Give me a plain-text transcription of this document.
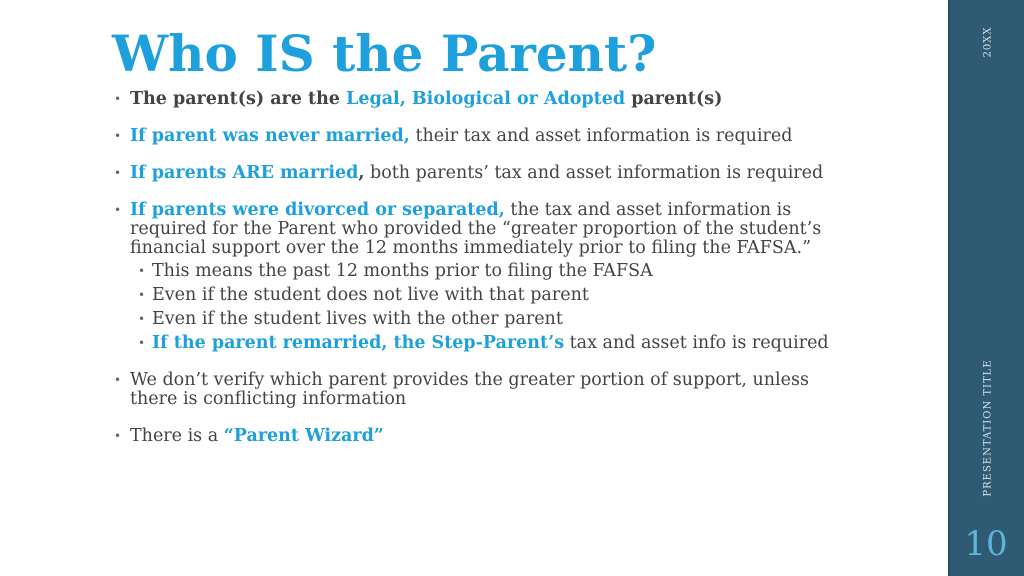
Who IS the Parent?
• The parent(s) are the Legal, Biological or Adopted parent(s)
• If parent was never married, their tax and asset information is required
• If parents ARE married, both parents’ tax and asset information is required
• If parents were divorced or separated, the tax and asset information is required for the Parent who provided the “greater proportion of the student’s financial support over the 12 months immediately prior to filing the FAFSA.”
• This means the past 12 months prior to filing the FAFSA
• Even if the student does not live with that parent
• Even if the student lives with the other parent
• If the parent remarried, the Step-Parent’s tax and asset info is required
• We don’t verify which parent provides the greater portion of support, unless there is conflicting information
• There is a “Parent Wizard”
20XX
PRESENTATION TITLE
10
